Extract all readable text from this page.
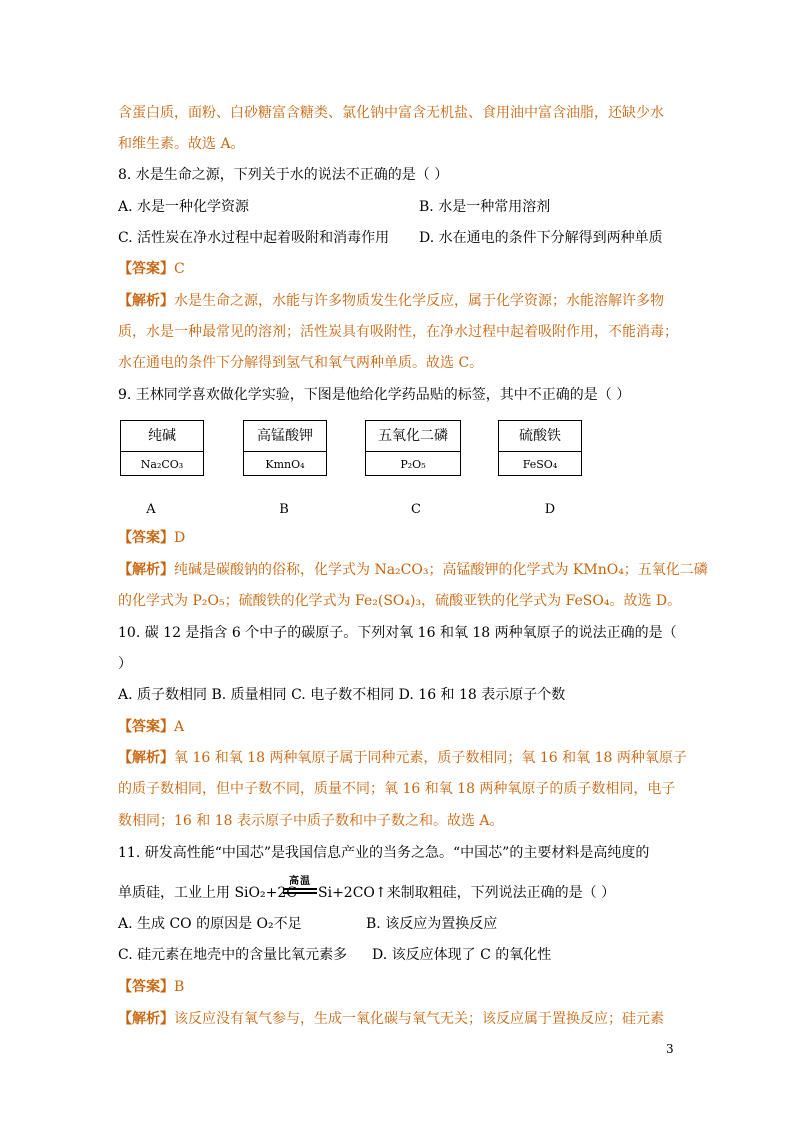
含蛋白质，面粉、白砂糖富含糖类、氯化钠中富含无机盐、食用油中富含油脂，还缺少水
和维生素。故选 A。
8. 水是生命之源，下列关于水的说法不正确的是（ ）
A. 水是一种化学资源	B. 水是一种常用溶剂
C. 活性炭在净水过程中起着吸附和消毒作用 D. 水在通电的条件下分解得到两种单质
【答案】C
【解析】水是生命之源，水能与许多物质发生化学反应，属于化学资源；水能溶解许多物
质，水是一种最常见的溶剂；活性炭具有吸附性，在净水过程中起着吸附作用，不能消毒；
水在通电的条件下分解得到氢气和氧气两种单质。故选 C。
9. 王林同学喜欢做化学实验，下图是他给化学药品贴的标签，其中不正确的是（ ）
纯碱
Na₂CO₃
高锰酸钾
KmnO₄
五氧化二磷
P₂O₅
硫酸铁
FeSO₄
A	B	C	D
【答案】D
【解析】纯碱是碳酸钠的俗称，化学式为 Na₂CO₃；高锰酸钾的化学式为 KMnO₄；五氧化二磷
的化学式为 P₂O₅；硫酸铁的化学式为 Fe₂(SO₄)₃，硫酸亚铁的化学式为 FeSO₄。故选 D。
10. 碳 12 是指含 6 个中子的碳原子。下列对氧 16 和氧 18 两种氧原子的说法正确的是（
）
A. 质子数相同 B. 质量相同 C. 电子数不相同 D. 16 和 18 表示原子个数
【答案】A
【解析】氧 16 和氧 18 两种氧原子属于同种元素，质子数相同；氧 16 和氧 18 两种氧原子
的质子数相同，但中子数不同，质量不同；氧 16 和氧 18 两种氧原子的质子数相同，电子
数相同；16 和 18 表示原子中质子数和中子数之和。故选 A。
11. 研发高性能“中国芯”是我国信息产业的当务之急。“中国芯”的主要材料是高纯度的
单质硅，工业上用 SiO₂+2C
高温
Si+2CO↑来制取粗硅，下列说法正确的是（ ）
A. 生成 CO 的原因是 O₂不足	B. 该反应为置换反应
C. 硅元素在地壳中的含量比氧元素多 D. 该反应体现了 C 的氧化性
【答案】B
【解析】该反应没有氧气参与，生成一氧化碳与氧气无关；该反应属于置换反应；硅元素
3
